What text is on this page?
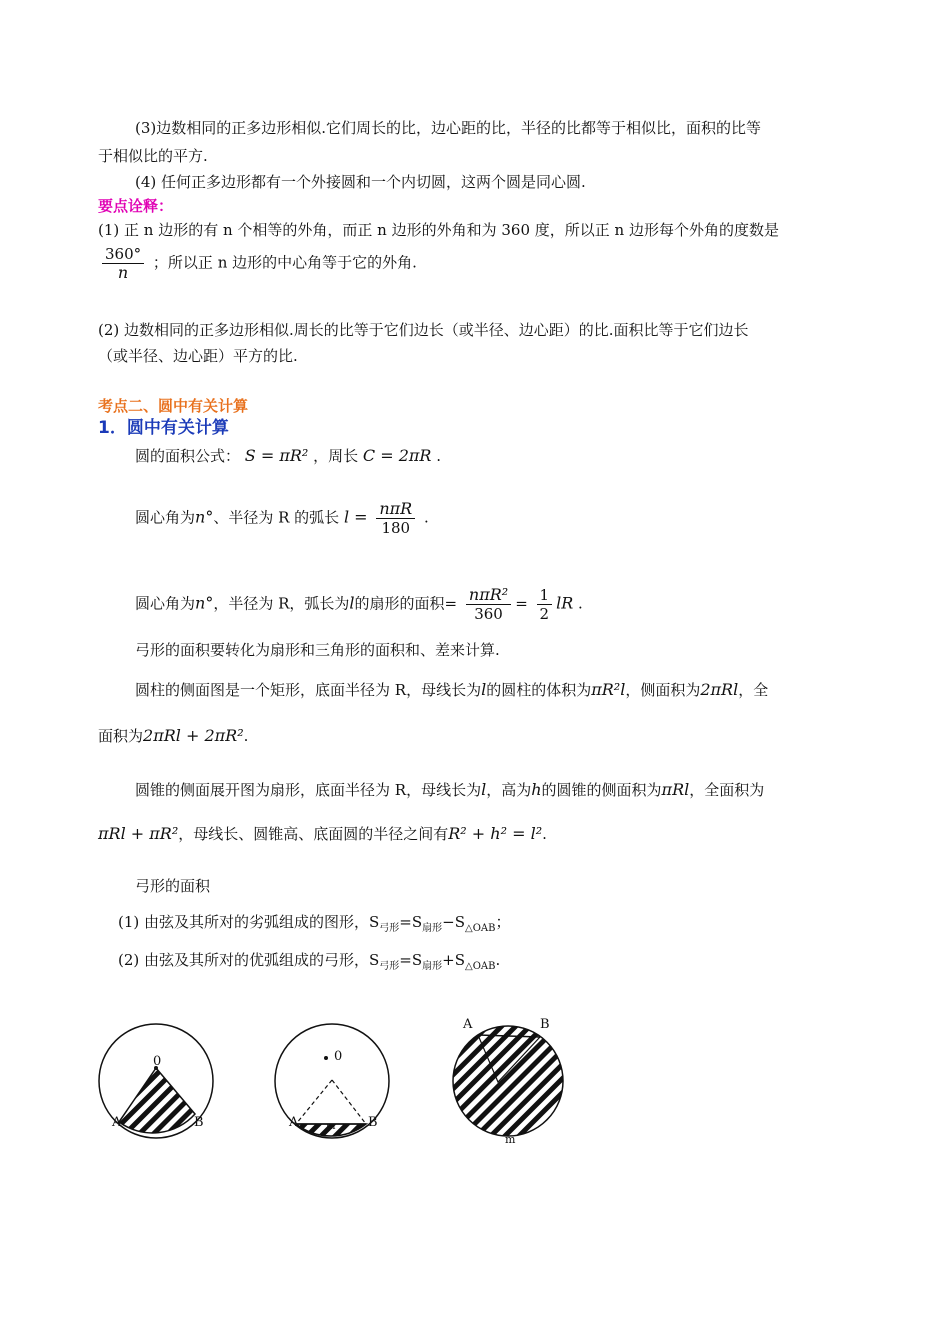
(3)边数相同的正多边形相似.它们周长的比，边心距的比，半径的比都等于相似比，面积的比等
于相似比的平方.
(4) 任何正多边形都有一个外接圆和一个内切圆，这两个圆是同心圆.
要点诠释：
(1) 正 n 边形的有 n 个相等的外角，而正 n 边形的外角和为 360 度，所以正 n 边形每个外角的度数是
$\frac{360^\circ}{n}$ ；所以正 n 边形的中心角等于它的外角.
(2) 边数相同的正多边形相似.周长的比等于它们边长（或半径、边心距）的比.面积比等于它们边长
（或半径、边心距）平方的比.
考点二、圆中有关计算
1．圆中有关计算
圆的面积公式： S = πR² ，周长 C = 2πR .
圆心角为n°、半径为 R 的弧长 $l = \frac{\text{nπR}}{180}$ .
圆心角为n°，半径为 R，弧长为l的扇形的面积= $\frac{\text{nπR²}}{360} = \frac{1}{2}$ lR .
弓形的面积要转化为扇形和三角形的面积和、差来计算.
圆柱的侧面图是一个矩形，底面半径为 R，母线长为l的圆柱的体积为πR²l，侧面积为2πRl，全
面积为2πRl + 2πR².
圆锥的侧面展开图为扇形，底面半径为 R，母线长为l，高为h的圆锥的侧面积为πRl，全面积为
πRl + πR²，母线长、圆锥高、底面圆的半径之间有R² + h² = l².
弓形的面积
(1) 由弦及其所对的劣弧组成的图形，$S_{弓形}=S_{扇形}-S_{\triangle OAB}$；
(2) 由弦及其所对的优弧组成的弓形，$S_{弓形}=S_{扇形}+S_{\triangle OAB}$.
0
A	B
0
A	B
m
A	B
m
